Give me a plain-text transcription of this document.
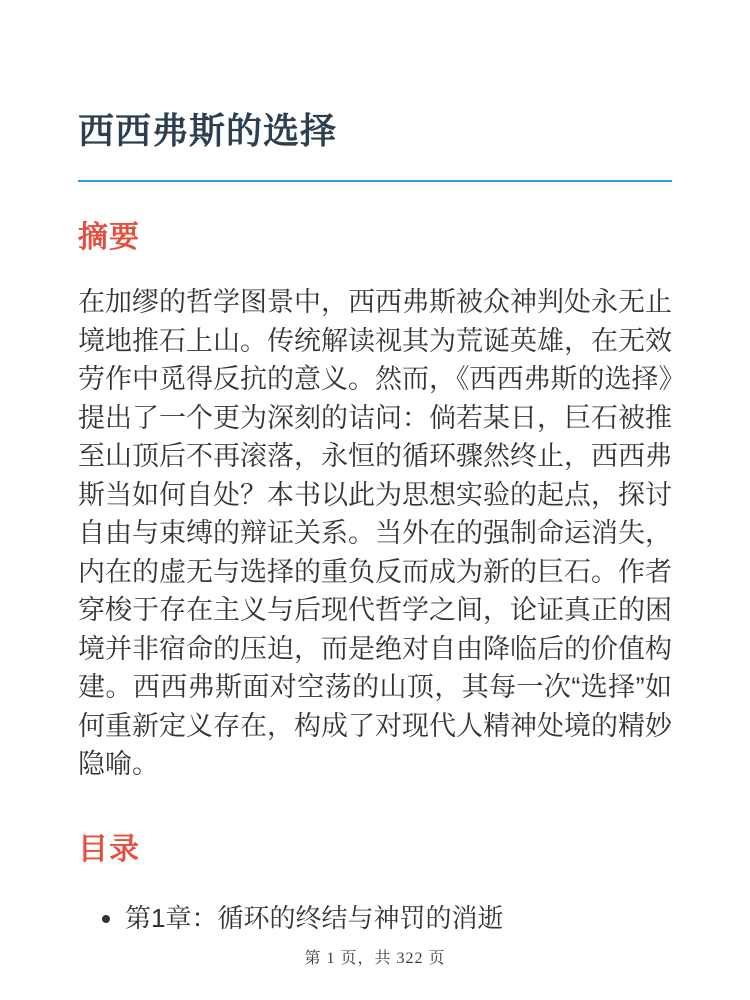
西西弗斯的选择
摘要

在加缪的哲学图景中，西西弗斯被众神判处永无止境地推石上山。传统解读视其为荒诞英雄，在无效劳作中觅得反抗的意义。然而，《西西弗斯的选择》提出了一个更为深刻的诘问：倘若某日，巨石被推至山顶后不再滚落，永恒的循环骤然终止，西西弗斯当如何自处？本书以此为思想实验的起点，探讨自由与束缚的辩证关系。当外在的强制命运消失，内在的虚无与选择的重负反而成为新的巨石。作者穿梭于存在主义与后现代哲学之间，论证真正的困境并非宿命的压迫，而是绝对自由降临后的价值构建。西西弗斯面对空荡的山顶，其每一次“选择”如何重新定义存在，构成了对现代人精神处境的精妙隐喻。

目录
• 第1章：循环的终结与神罚的消逝
第 1 页，共 322 页
